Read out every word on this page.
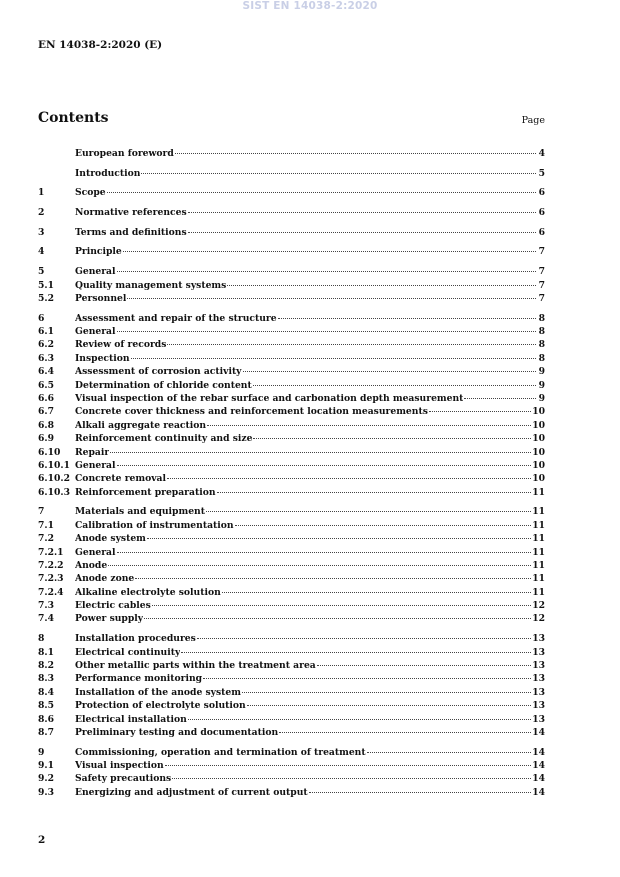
SIST EN 14038-2:2020
EN 14038-2:2020 (E)
Contents	Page
European foreword	4
Introduction	5
1	Scope	6
2	Normative references	6
3	Terms and definitions	6
4	Principle	7
5	General	7
5.1	Quality management systems	7
5.2	Personnel	7
6	Assessment and repair of the structure	8
6.1	General	8
6.2	Review of records	8
6.3	Inspection	8
6.4	Assessment of corrosion activity	9
6.5	Determination of chloride content	9
6.6	Visual inspection of the rebar surface and carbonation depth measurement	9
6.7	Concrete cover thickness and reinforcement location measurements	10
6.8	Alkali aggregate reaction	10
6.9	Reinforcement continuity and size	10
6.10	Repair	10
6.10.1 General	10
6.10.2 Concrete removal	10
6.10.3 Reinforcement preparation	11
7	Materials and equipment	11
7.1	Calibration of instrumentation	11
7.2	Anode system	11
7.2.1	General	11
7.2.2	Anode	11
7.2.3	Anode zone	11
7.2.4	Alkaline electrolyte solution	11
7.3	Electric cables	12
7.4	Power supply	12
8	Installation procedures	13
8.1	Electrical continuity	13
8.2	Other metallic parts within the treatment area	13
8.3	Performance monitoring	13
8.4	Installation of the anode system	13
8.5	Protection of electrolyte solution	13
8.6	Electrical installation	13
8.7	Preliminary testing and documentation	14
9	Commissioning, operation and termination of treatment	14
9.1	Visual inspection	14
9.2	Safety precautions	14
9.3	Energizing and adjustment of current output	14
2
